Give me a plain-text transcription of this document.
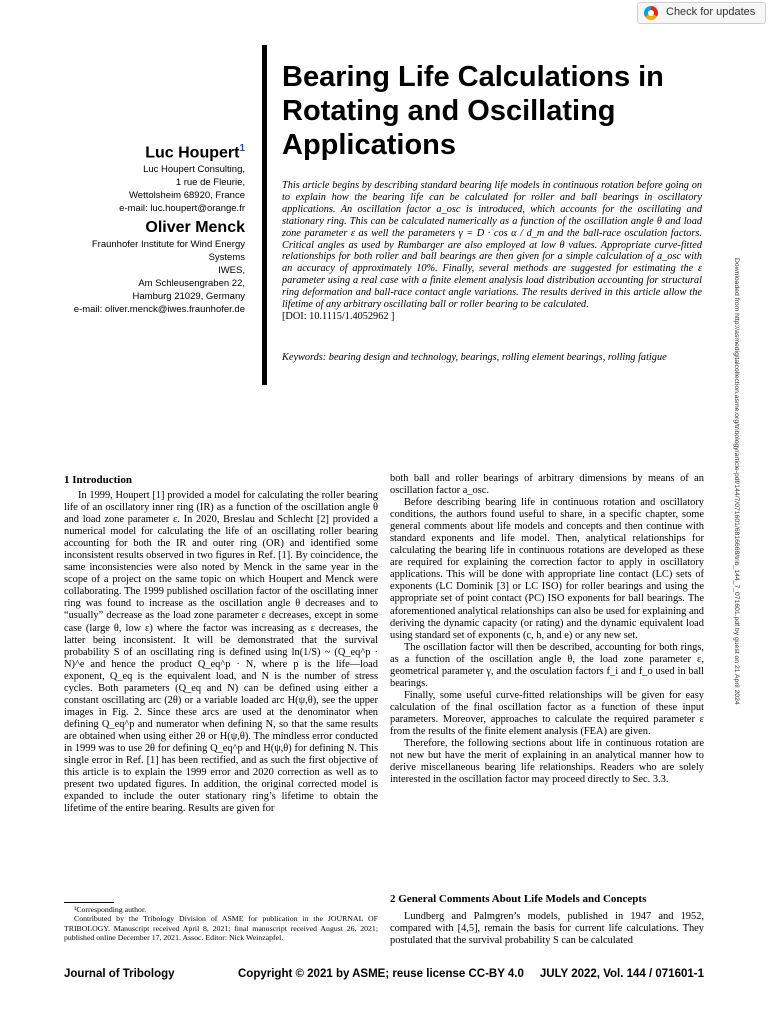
Check for updates
Bearing Life Calculations in Rotating and Oscillating Applications
Luc Houpert$^1$
Luc Houpert Consulting,
1 rue de Fleurie,
Wettolsheim 68920, France
e-mail: luc.houpert@orange.fr
Oliver Menck
Fraunhofer Institute for Wind Energy Systems
IWES,
Am Schleusengraben 22,
Hamburg 21029, Germany
e-mail: oliver.menck@iwes.fraunhofer.de
This article begins by describing standard bearing life models in continuous rotation before going on to explain how the bearing life can be calculated for roller and ball bearings in oscillatory applications. An oscillation factor a_osc is introduced, which accounts for the oscillating and stationary ring. This can be calculated numerically as a function of the oscillation angle θ and load zone parameter ε as well the parameters γ = D · cos α / d_m and the ball-race osculation factors. Critical angles as used by Rumbarger are also employed at low θ values. Appropriate curve-fitted relationships for both roller and ball bearings are then given for a simple calculation of a_osc with an accuracy of approximately 10%. Finally, several methods are suggested for estimating the ε parameter using a real case with a finite element analysis load distribution accounting for structural ring deformation and ball-race contact angle variations. The results derived in this article allow the lifetime of any arbitrary oscillating ball or roller bearing to be calculated.
[DOI: 10.1115/1.4052962 ]
Keywords: bearing design and technology, bearings, rolling element bearings, rolling fatigue	Downloaded from http://asmedigitalcollection.asme.org/tribology/article-pdf/144/7/071601/6816668/trib_144_7_071601.pdf by guest on 21 April 2024
1 Introduction

In 1999, Houpert [1] provided a model for calculating the roller bearing life of an oscillatory inner ring (IR) as a function of the oscillation angle θ and load zone parameter ε. In 2020, Breslau and Schlecht [2] provided a numerical model for calculating the life of an oscillating roller bearing accounting for both the IR and outer ring (OR) and identified some inconsistent results observed in two figures in Ref. [1]. By coincidence, the same inconsistencies were also noted by Menck in the same year in the scope of a project on the same topic on which Houpert and Menck were collaborating. The 1999 published oscillation factor of the oscillating inner ring was found to increase as the oscillation angle θ decreases and to “usually” decrease as the load zone parameter ε decreases, except in some case (large θ, low ε) where the factor was increasing as ε decreases, the latter being inconsistent. It will be demonstrated that the survival probability S of an oscillating ring is defined using ln(1/S) ~ (Q_eq^p · N)^e and hence the product Q_eq^p · N, where p is the life—load exponent, Q_eq is the equivalent load, and N is the number of stress cycles. Both parameters (Q_eq and N) can be defined using either a constant oscillating arc (2θ) or a variable loaded arc H(ψ,θ), see the upper images in Fig. 2. Since these arcs are used at the denominator when defining Q_eq^p and numerator when defining N, so that the same results are obtained when using either 2θ or H(ψ,θ). The mindless error conducted in 1999 was to use 2θ for defining Q_eq^p and H(ψ,θ) for defining N. This single error in Ref. [1] has been rectified, and as such the first objective of this article is to explain the 1999 error and 2020 correction as well as to present two updated figures. In addition, the original corrected model is expanded to include the outer stationary ring’s lifetime to obtain the lifetime of the entire bearing. Results are given for

both ball and roller bearings of arbitrary dimensions by means of an oscillation factor a_osc.

Before describing bearing life in continuous rotation and oscillatory conditions, the authors found useful to share, in a specific chapter, some general comments about life models and concepts and then continue with standard exponents and life model. Then, analytical relationships for calculating the bearing life in continuous rotations are developed as these are required for explaining the correction factor to apply in oscillatory applications. This will be done with appropriate line contact (LC) sets of exponents (LC Dominik [3] or LC ISO) for roller bearings and using the appropriate set of point contact (PC) ISO exponents for ball bearings. The aforementioned analytical relationships can also be used for explaining and deriving the dynamic capacity (or rating) and the dynamic equivalent load using standard set of exponents (c, h, and e) or any new set.

The oscillation factor will then be described, accounting for both rings, as a function of the oscillation angle θ, the load zone parameter ε, geometrical parameter γ, and the osculation factors f_i and f_o used in ball bearings.

Finally, some useful curve-fitted relationships will be given for easy calculation of the final oscillation factor as a function of these input parameters. Moreover, approaches to calculate the required parameter ε from the results of the finite element analysis (FEA) are given.

Therefore, the following sections about life in continuous rotation are not new but have the merit of explaining in an analytical manner how to derive miscellaneous bearing life relationships. Readers who are solely interested in the oscillation factor may proceed directly to Sec. 3.3.

2 General Comments About Life Models and Concepts

Lundberg and Palmgren’s models, published in 1947 and 1952, compared with [4,5], remain the basis for current life calculations. They postulated that the survival probability S can be calculated

¹Corresponding author.

Contributed by the Tribology Division of ASME for publication in the JOURNAL OF TRIBOLOGY. Manuscript received April 8, 2021; final manuscript received August 26, 2021; published online December 17, 2021. Assoc. Editor: Nick Weinzapfel.

Journal of Tribology	Copyright © 2021 by ASME; reuse license CC-BY 4.0	JULY 2022, Vol. 144 / 071601-1
